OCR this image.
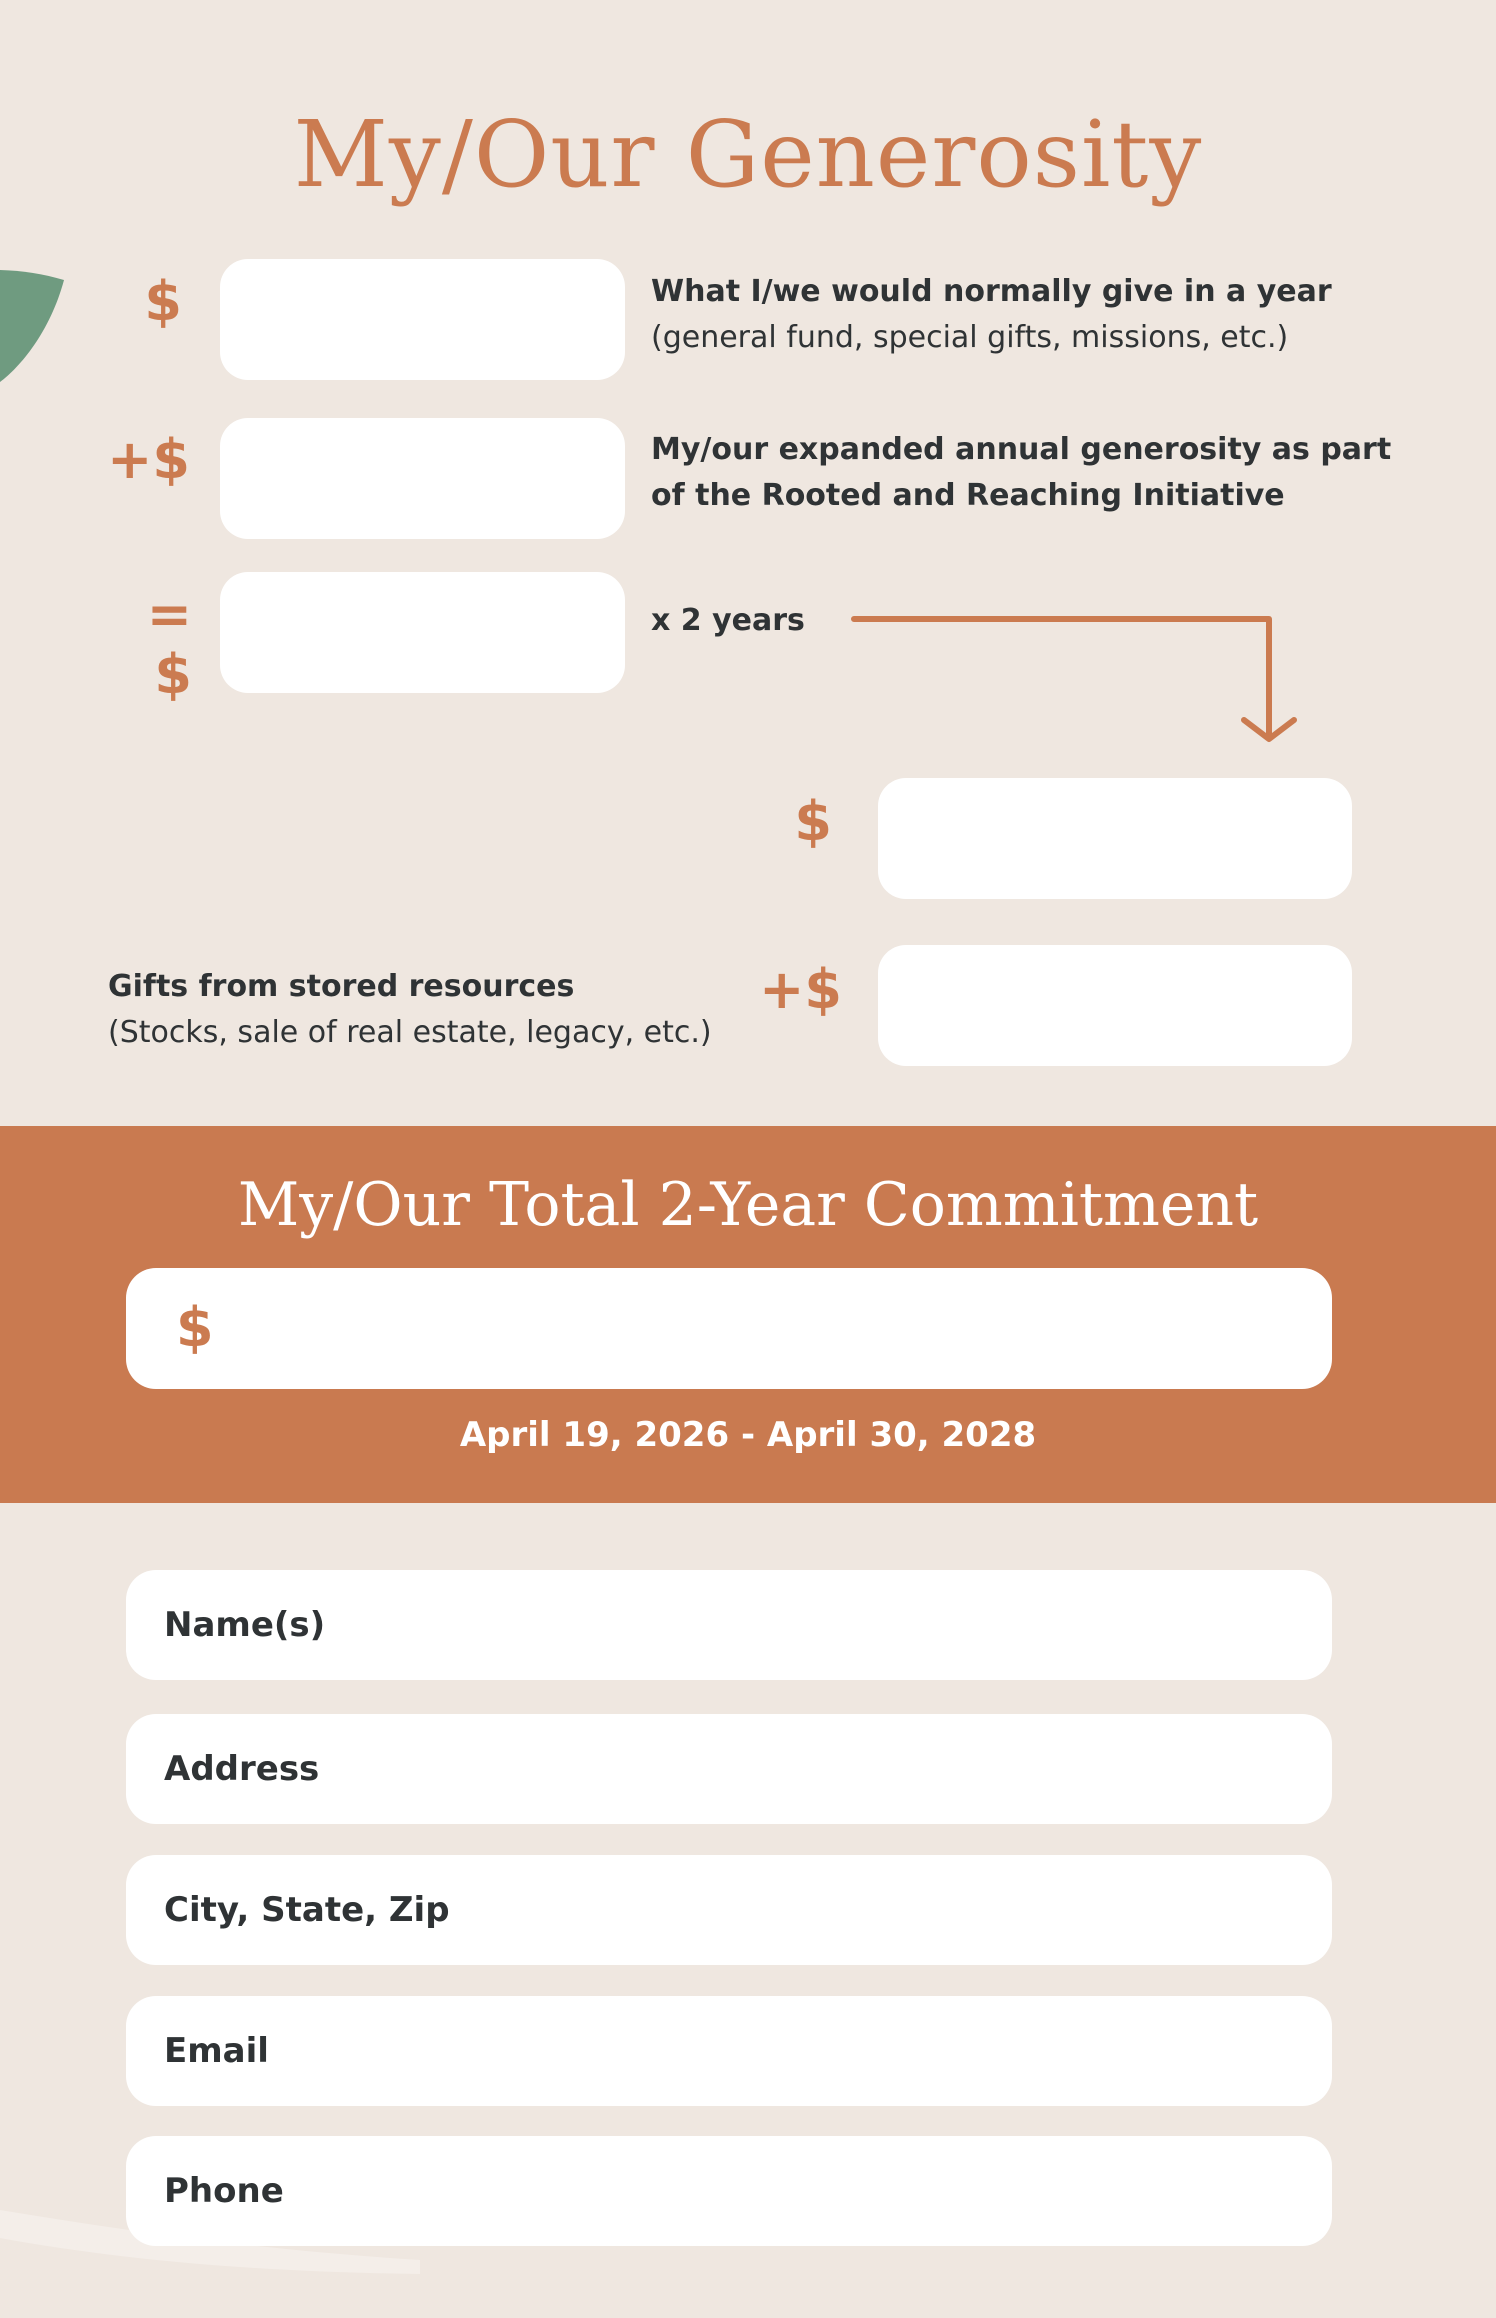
My/Our Generosity
$	What I/we would normally give in a year
(general fund, special gifts, missions, etc.)
+$	My/our expanded annual generosity as part
of the Rooted and Reaching Initiative
= $
x 2 years
$
Gifts from stored resources
(Stocks, sale of real estate, legacy, etc.)
+$
My/Our Total 2-Year Commitment
$
April 19, 2026 - April 30, 2028
Name(s)
Address
City, State, Zip
Email
Phone
